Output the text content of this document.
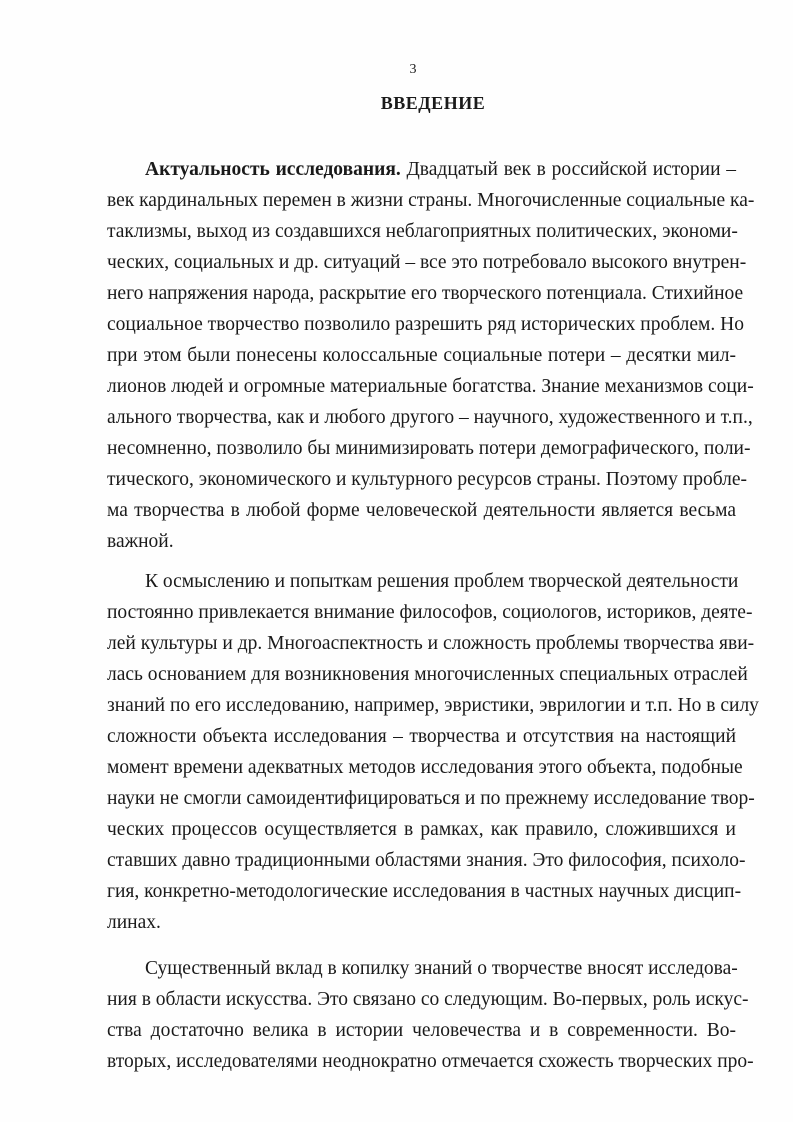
3
ВВЕДЕНИЕ
Актуальность исследования. Двадцатый век в российской истории –
век кардинальных перемен в жизни страны. Многочисленные социальные ка-
таклизмы, выход из создавшихся неблагоприятных политических, экономи-
ческих, социальных и др. ситуаций – все это потребовало высокого внутрен-
него напряжения народа, раскрытие его творческого потенциала. Стихийное
социальное творчество позволило разрешить ряд исторических проблем. Но
при этом были понесены колоссальные социальные потери – десятки мил-
лионов людей и огромные материальные богатства. Знание механизмов соци-
ального творчества, как и любого другого – научного, художественного и т.п.,
несомненно, позволило бы минимизировать потери демографического, поли-
тического, экономического и культурного ресурсов страны. Поэтому пробле-
ма творчества в любой форме человеческой деятельности является весьма
важной.
К осмыслению и попыткам решения проблем творческой деятельности
постоянно привлекается внимание философов, социологов, историков, деяте-
лей культуры и др. Многоаспектность и сложность проблемы творчества яви-
лась основанием для возникновения многочисленных специальных отраслей
знаний по его исследованию, например, эвристики, эврилогии и т.п. Но в силу
сложности объекта исследования – творчества и отсутствия на настоящий
момент времени адекватных методов исследования этого объекта, подобные
науки не смогли самоидентифицироваться и по прежнему исследование твор-
ческих процессов осуществляется в рамках, как правило, сложившихся и
ставших давно традиционными областями знания. Это философия, психоло-
гия, конкретно-методологические исследования в частных научных дисцип-
линах.
Существенный вклад в копилку знаний о творчестве вносят исследова-
ния в области искусства. Это связано со следующим. Во-первых, роль искус-
ства достаточно велика в истории человечества и в современности. Во-
вторых, исследователями неоднократно отмечается схожесть творческих про-
